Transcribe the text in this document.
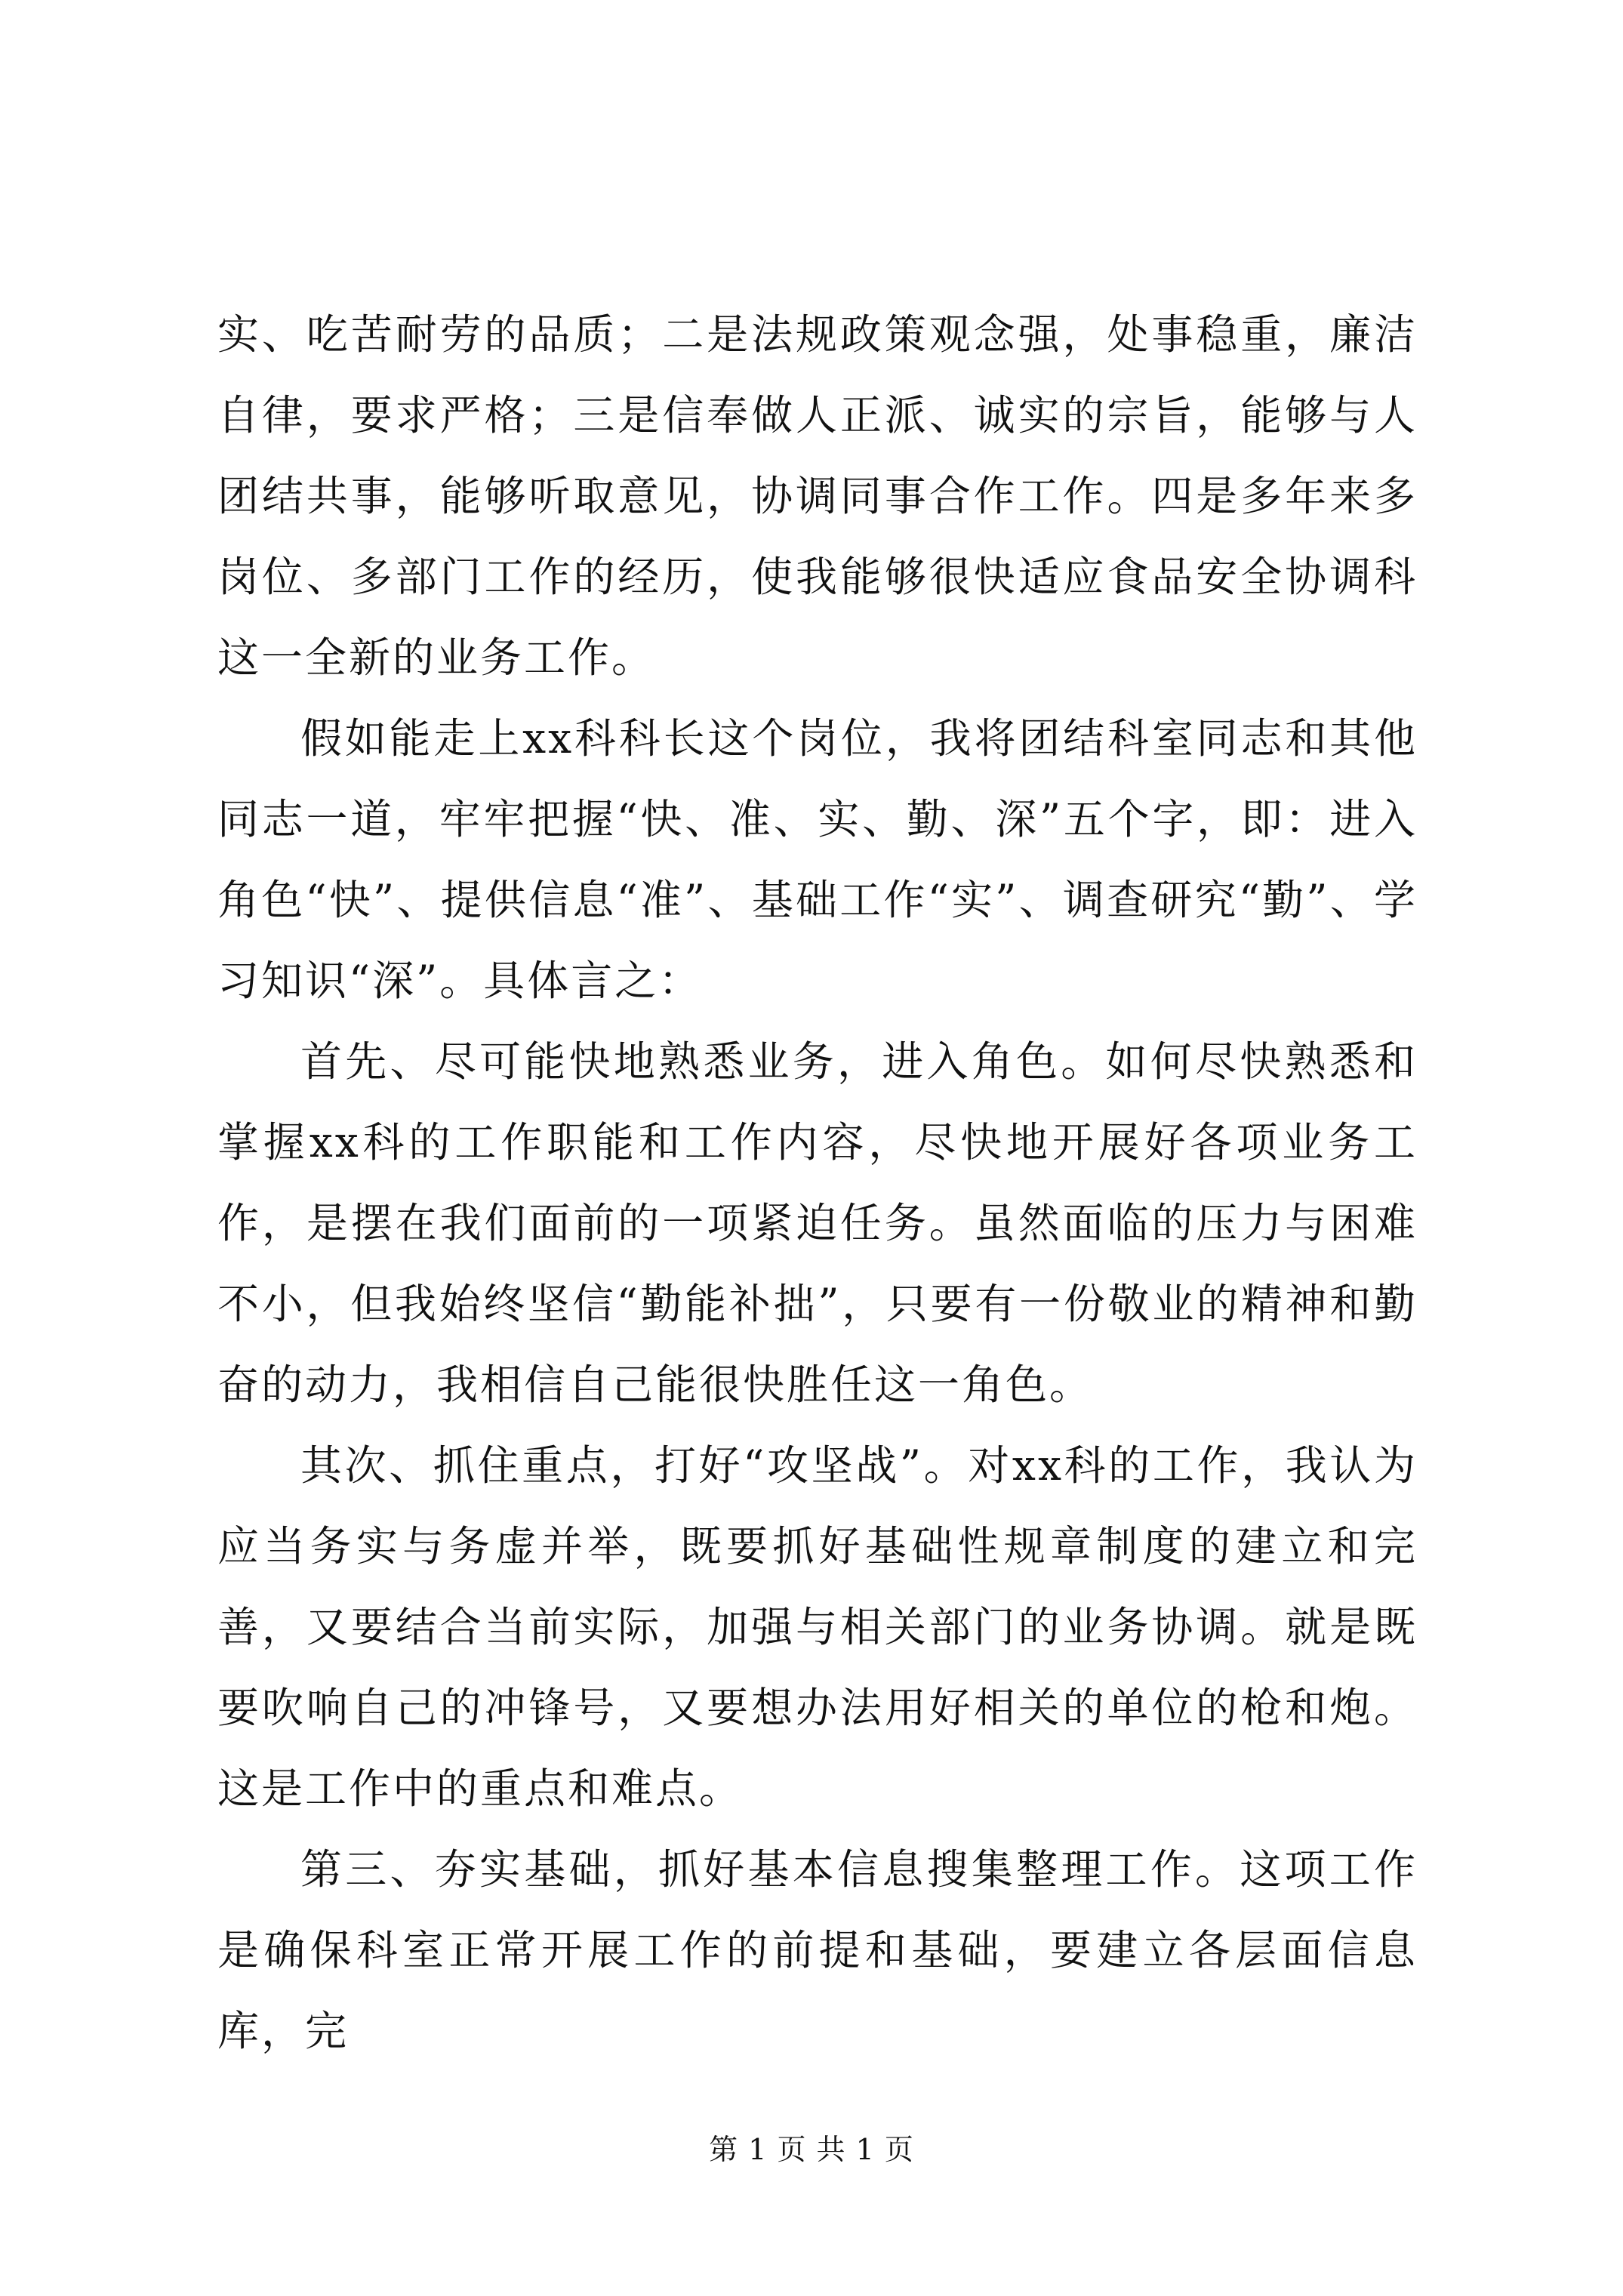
实、吃苦耐劳的品质；二是法规政策观念强，处事稳重，廉洁自律，要求严格；三是信奉做人正派、诚实的宗旨，能够与人团结共事，能够听取意见，协调同事合作工作。四是多年来多岗位、多部门工作的经历，使我能够很快适应食品安全协调科这一全新的业务工作。

假如能走上xx科科长这个岗位，我将团结科室同志和其他同志一道，牢牢把握“快、准、实、勤、深”五个字，即：进入角色“快”、提供信息“准”、基础工作“实”、调查研究“勤”、学习知识“深”。具体言之：

首先、尽可能快地熟悉业务，进入角色。如何尽快熟悉和掌握xx科的工作职能和工作内容，尽快地开展好各项业务工作，是摆在我们面前的一项紧迫任务。虽然面临的压力与困难不小，但我始终坚信“勤能补拙”，只要有一份敬业的精神和勤奋的动力，我相信自己能很快胜任这一角色。

其次、抓住重点，打好“攻坚战”。对xx科的工作，我认为应当务实与务虚并举，既要抓好基础性规章制度的建立和完善，又要结合当前实际，加强与相关部门的业务协调。就是既要吹响自己的冲锋号，又要想办法用好相关的单位的枪和炮。这是工作中的重点和难点。

第三、夯实基础，抓好基本信息搜集整理工作。这项工作是确保科室正常开展工作的前提和基础，要建立各层面信息库，完

第 1 页 共 1 页
